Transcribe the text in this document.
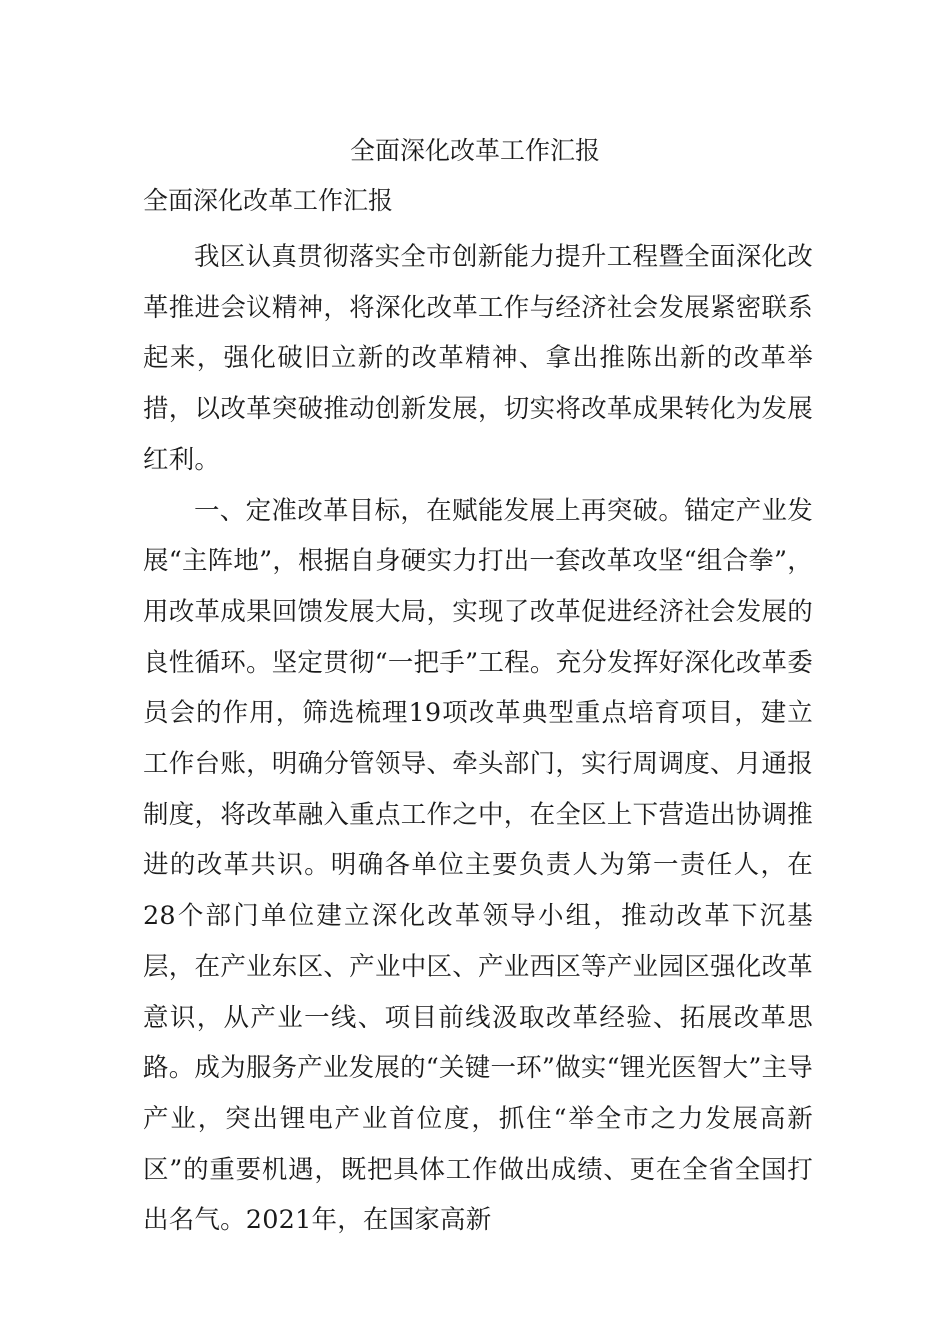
全面深化改革工作汇报
全面深化改革工作汇报

我区认真贯彻落实全市创新能力提升工程暨全面深化改革推进会议精神，将深化改革工作与经济社会发展紧密联系起来，强化破旧立新的改革精神、拿出推陈出新的改革举措，以改革突破推动创新发展，切实将改革成果转化为发展红利。

一、定准改革目标，在赋能发展上再突破。锚定产业发展“主阵地”，根据自身硬实力打出一套改革攻坚“组合拳”，用改革成果回馈发展大局，实现了改革促进经济社会发展的良性循环。坚定贯彻“一把手”工程。充分发挥好深化改革委员会的作用，筛选梳理19项改革典型重点培育项目，建立工作台账，明确分管领导、牵头部门，实行周调度、月通报制度，将改革融入重点工作之中，在全区上下营造出协调推进的改革共识。明确各单位主要负责人为第一责任人，在28个部门单位建立深化改革领导小组，推动改革下沉基层，在产业东区、产业中区、产业西区等产业园区强化改革意识，从产业一线、项目前线汲取改革经验、拓展改革思路。成为服务产业发展的“关键一环”做实“锂光医智大”主导产业，突出锂电产业首位度，抓住“举全市之力发展高新区”的重要机遇，既把具体工作做出成绩、更在全省全国打出名气。2021年，在国家高新
